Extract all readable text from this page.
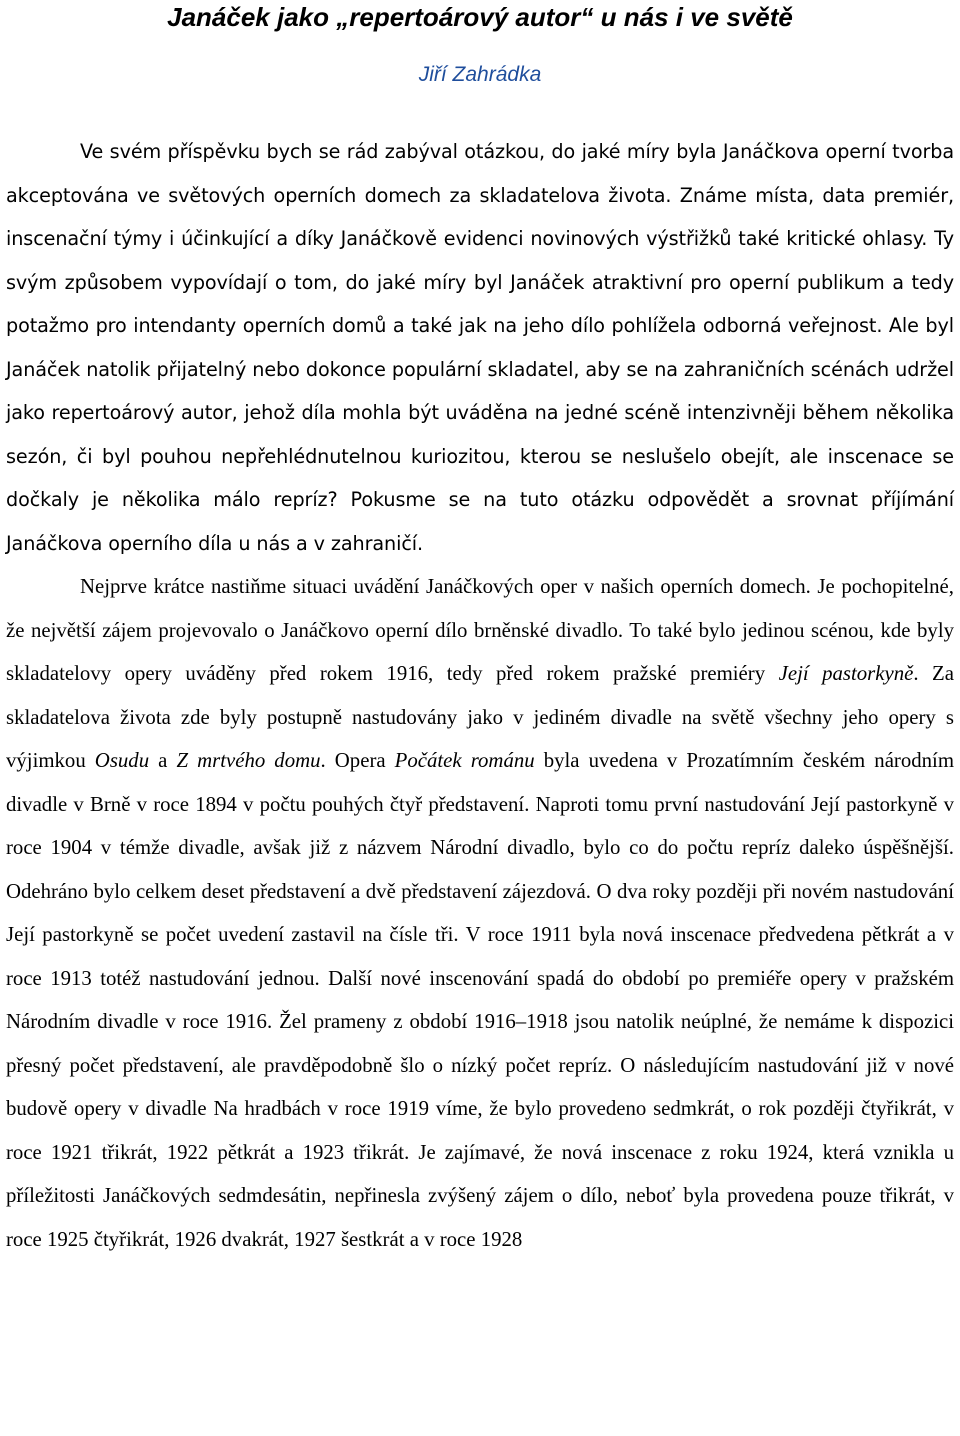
Janáček jako „repertoárový autor“ u nás i ve světě
Jiří Zahrádka

Ve svém příspěvku bych se rád zabýval otázkou, do jaké míry byla Janáčkova operní tvorba akceptována ve světových operních domech za skladatelova života. Známe místa, data premiér, inscenační týmy i účinkující a díky Janáčkově evidenci novinových výstřižků také kritické ohlasy. Ty svým způsobem vypovídají o tom, do jaké míry byl Janáček atraktivní pro operní publikum a tedy potažmo pro intendanty operních domů a také jak na jeho dílo pohlížela odborná veřejnost. Ale byl Janáček natolik přijatelný nebo dokonce populární skladatel, aby se na zahraničních scénách udržel jako repertoárový autor, jehož díla mohla být uváděna na jedné scéně intenzivněji během několika sezón, či byl pouhou nepřehlédnutelnou kuriozitou, kterou se neslušelo obejít, ale inscenace se dočkaly je několika málo repríz? Pokusme se na tuto otázku odpovědět a srovnat příjímání Janáčkova operního díla u nás a v zahraničí.

Nejprve krátce nastiňme situaci uvádění Janáčkových oper v našich operních domech. Je pochopitelné, že největší zájem projevovalo o Janáčkovo operní dílo brněnské divadlo. To také bylo jedinou scénou, kde byly skladatelovy opery uváděny před rokem 1916, tedy před rokem pražské premiéry Její pastorkyně. Za skladatelova života zde byly postupně nastudovány jako v jediném divadle na světě všechny jeho opery s výjimkou Osudu a Z mrtvého domu. Opera Počátek románu byla uvedena v Prozatímním českém národním divadle v Brně v roce 1894 v počtu pouhých čtyř představení. Naproti tomu první nastudování Její pastorkyně v roce 1904 v témže divadle, avšak již z názvem Národní divadlo, bylo co do počtu repríz daleko úspěšnější. Odehráno bylo celkem deset představení a dvě představení zájezdová. O dva roky později při novém nastudování Její pastorkyně se počet uvedení zastavil na čísle tři. V roce 1911 byla nová inscenace předvedena pětkrát a v roce 1913 totéž nastudování jednou. Další nové inscenování spadá do období po premiéře opery v pražském Národním divadle v roce 1916. Žel prameny z období 1916–1918 jsou natolik neúplné, že nemáme k dispozici přesný počet představení, ale pravděpodobně šlo o nízký počet repríz. O následujícím nastudování již v nové budově opery v divadle Na hradbách v roce 1919 víme, že bylo provedeno sedmkrát, o rok později čtyřikrát, v roce 1921 třikrát, 1922 pětkrát a 1923 třikrát. Je zajímavé, že nová inscenace z roku 1924, která vznikla u příležitosti Janáčkových sedmdesátin, nepřinesla zvýšený zájem o dílo, neboť byla provedena pouze třikrát, v roce 1925 čtyřikrát, 1926 dvakrát, 1927 šestkrát a v roce 1928
